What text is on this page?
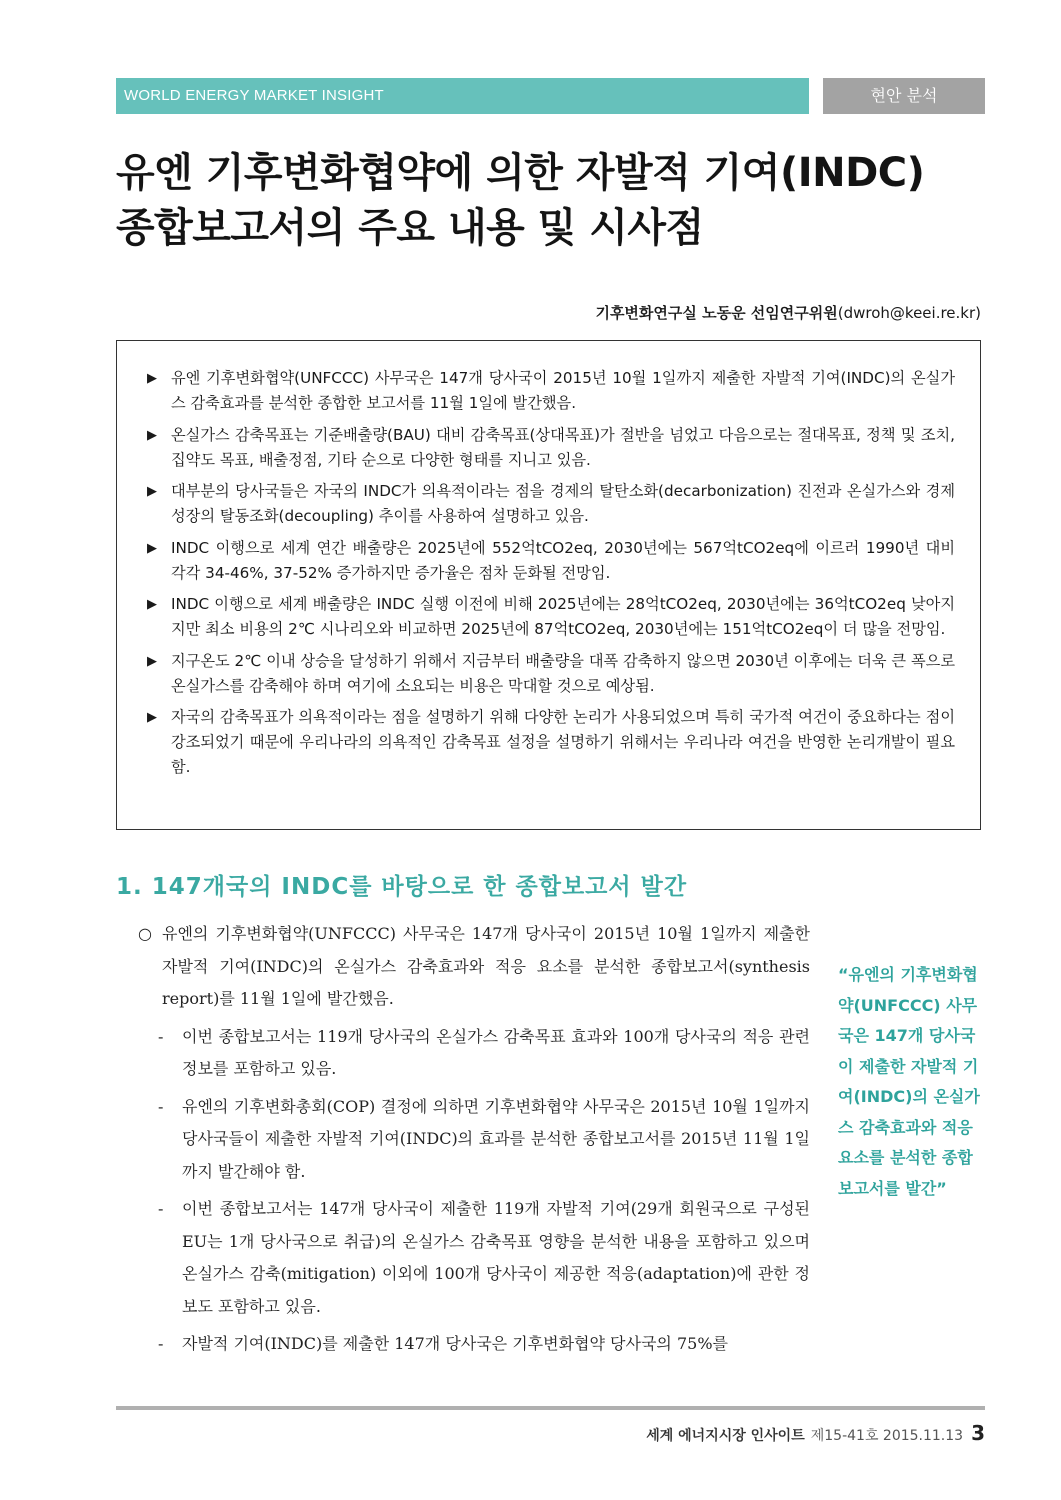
WORLD ENERGY MARKET INSIGHT	현안 분석
유엔 기후변화협약에 의한 자발적 기여(INDC)
종합보고서의 주요 내용 및 시사점
기후변화연구실 노동운 선임연구위원(dwroh@keei.re.kr)
▶ 유엔 기후변화협약(UNFCCC) 사무국은 147개 당사국이 2015년 10월 1일까지 제출한 자발적 기여(INDC)의 온실가스 감축효과를 분석한 종합한 보고서를 11월 1일에 발간했음.
▶ 온실가스 감축목표는 기준배출량(BAU) 대비 감축목표(상대목표)가 절반을 넘었고 다음으로는 절대목표, 정책 및 조치, 집약도 목표, 배출정점, 기타 순으로 다양한 형태를 지니고 있음.
▶ 대부분의 당사국들은 자국의 INDC가 의욕적이라는 점을 경제의 탈탄소화(decarbonization) 진전과 온실가스와 경제성장의 탈동조화(decoupling) 추이를 사용하여 설명하고 있음.
▶ INDC 이행으로 세계 연간 배출량은 2025년에 552억tCO2eq, 2030년에는 567억tCO2eq에 이르러 1990년 대비 각각 34-46%, 37-52% 증가하지만 증가율은 점차 둔화될 전망임.
▶ INDC 이행으로 세계 배출량은 INDC 실행 이전에 비해 2025년에는 28억tCO2eq, 2030년에는 36억tCO2eq 낮아지지만 최소 비용의 2℃ 시나리오와 비교하면 2025년에 87억tCO2eq, 2030년에는 151억tCO2eq이 더 많을 전망임.
▶ 지구온도 2℃ 이내 상승을 달성하기 위해서 지금부터 배출량을 대폭 감축하지 않으면 2030년 이후에는 더욱 큰 폭으로 온실가스를 감축해야 하며 여기에 소요되는 비용은 막대할 것으로 예상됨.
▶ 자국의 감축목표가 의욕적이라는 점을 설명하기 위해 다양한 논리가 사용되었으며 특히 국가적 여건이 중요하다는 점이 강조되었기 때문에 우리나라의 의욕적인 감축목표 설정을 설명하기 위해서는 우리나라 여건을 반영한 논리개발이 필요함.
1. 147개국의 INDC를 바탕으로 한 종합보고서 발간
○ 유엔의 기후변화협약(UNFCCC) 사무국은 147개 당사국이 2015년 10월 1일까지 제출한 자발적 기여(INDC)의 온실가스 감축효과와 적응 요소를 분석한 종합보고서(synthesis report)를 11월 1일에 발간했음.
- 이번 종합보고서는 119개 당사국의 온실가스 감축목표 효과와 100개 당사국의 적응 관련 정보를 포함하고 있음.
- 유엔의 기후변화총회(COP) 결정에 의하면 기후변화협약 사무국은 2015년 10월 1일까지 당사국들이 제출한 자발적 기여(INDC)의 효과를 분석한 종합보고서를 2015년 11월 1일까지 발간해야 함.
- 이번 종합보고서는 147개 당사국이 제출한 119개 자발적 기여(29개 회원국으로 구성된 EU는 1개 당사국으로 취급)의 온실가스 감축목표 영향을 분석한 내용을 포함하고 있으며 온실가스 감축(mitigation) 이외에 100개 당사국이 제공한 적응(adaptation)에 관한 정보도 포함하고 있음.
- 자발적 기여(INDC)를 제출한 147개 당사국은 기후변화협약 당사국의 75%를
“유엔의 기후변화협약(UNFCCC) 사무국은 147개 당사국이 제출한 자발적 기여(INDC)의 온실가스 감축효과와 적응 요소를 분석한 종합보고서를 발간”
세계 에너지시장 인사이트 제15-41호 2015.11.13 3
